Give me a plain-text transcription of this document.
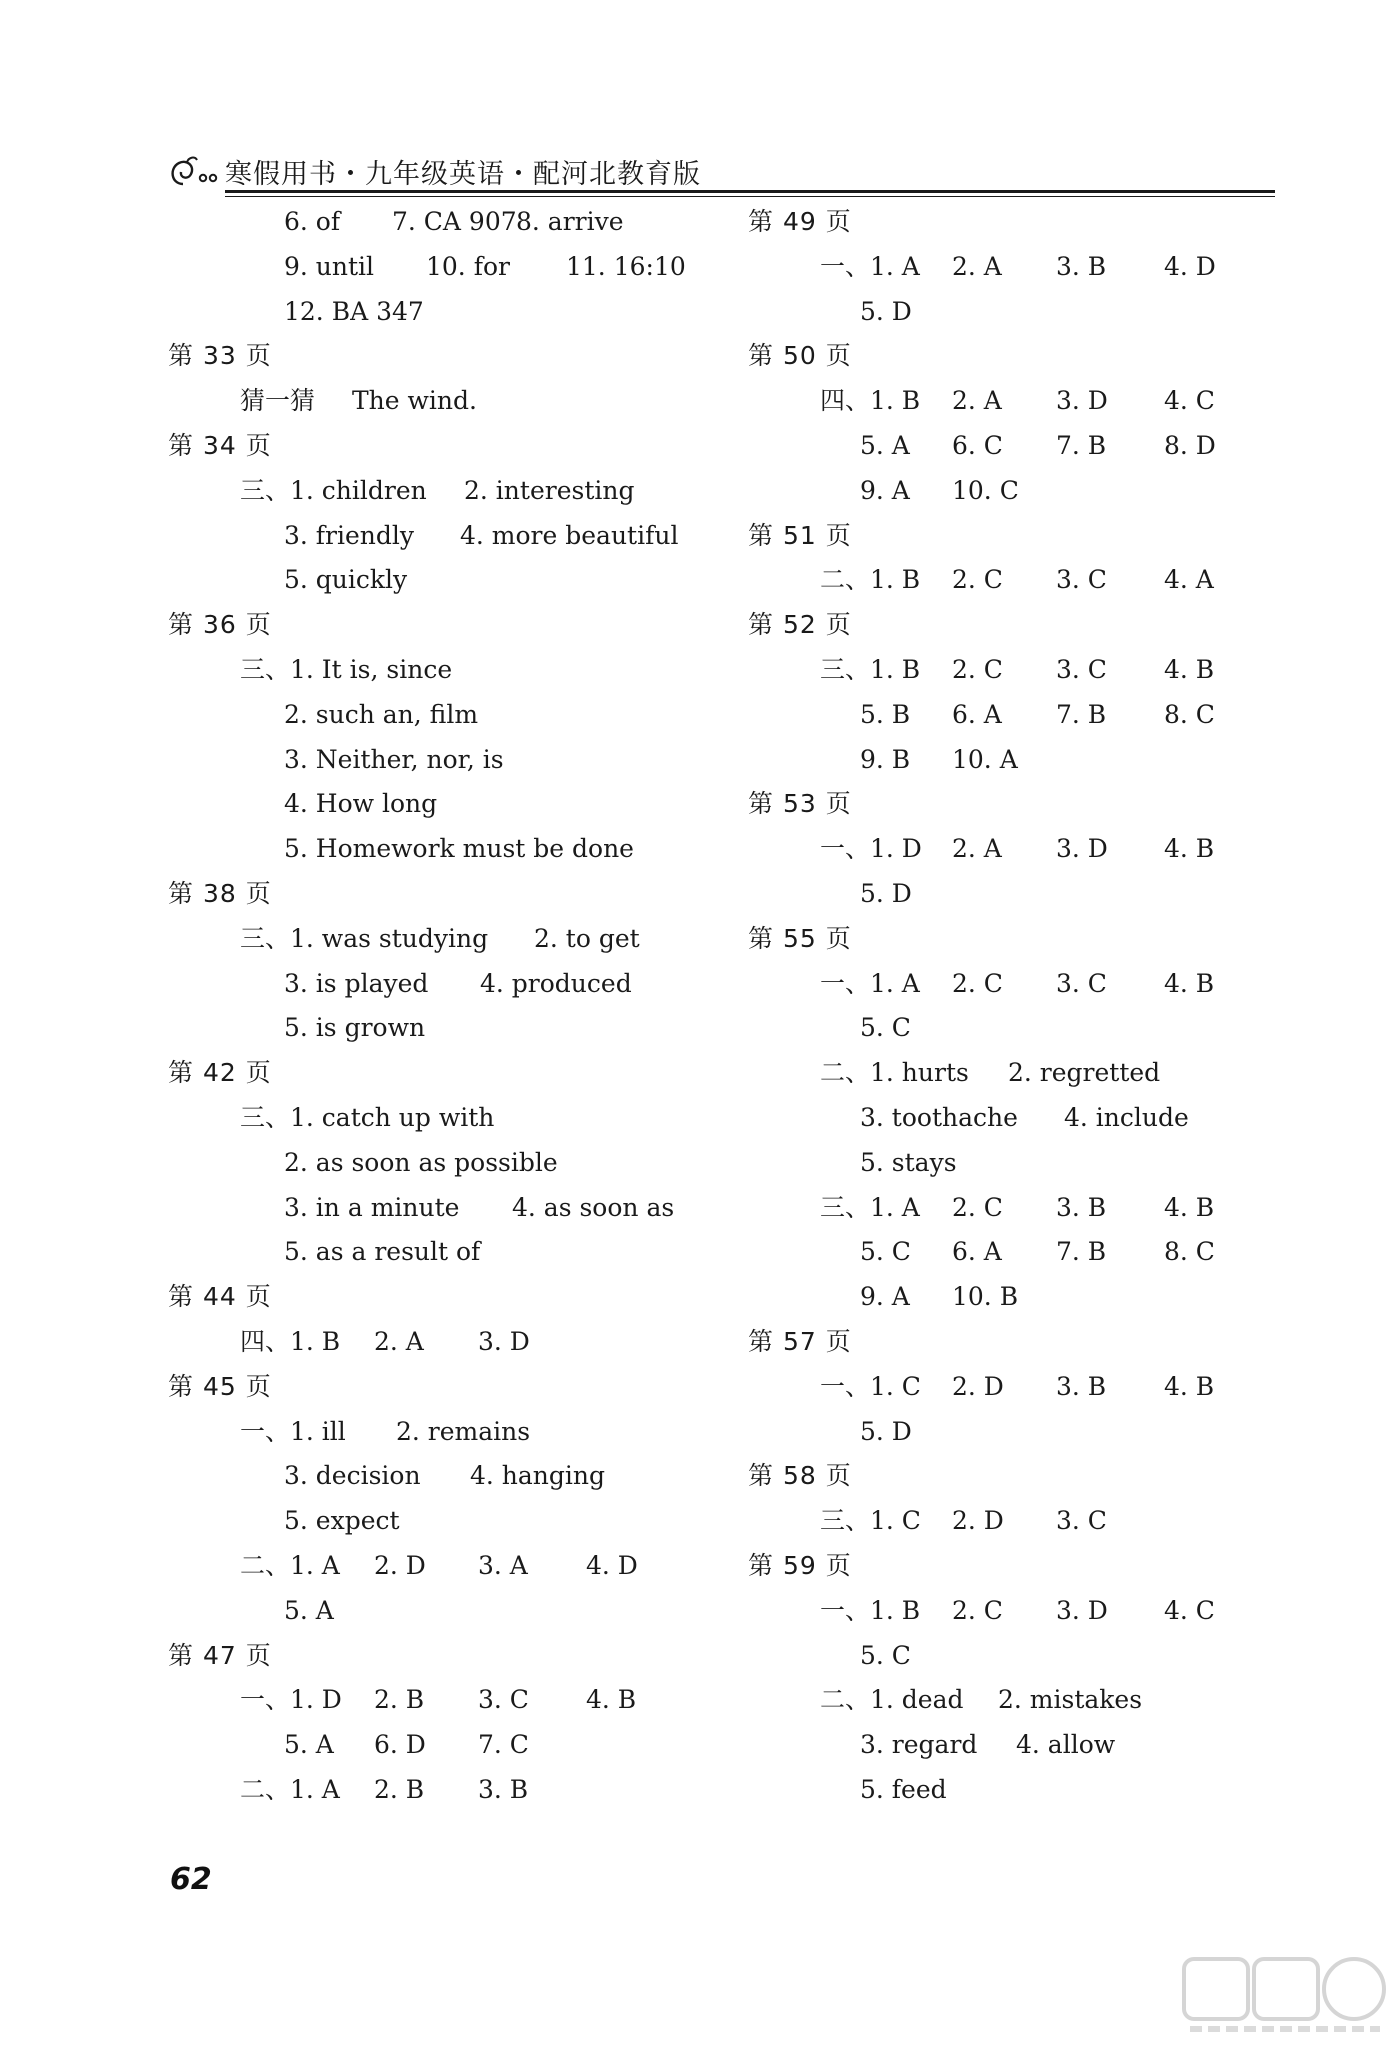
寒假用书・九年级英语・配河北教育版
6. of 7. CA 907 8. arrive
9. until 10. for 11. 16:10
12. BA 347
第 33 页
猜一猜 The wind.
第 34 页
三、1. children 2. interesting
3. friendly 4. more beautiful
5. quickly
第 36 页
三、1. It is, since
2. such an, film
3. Neither, nor, is
4. How long
5. Homework must be done
第 38 页
三、1. was studying 2. to get
3. is played 4. produced
5. is grown
第 42 页
三、1. catch up with
2. as soon as possible
3. in a minute 4. as soon as
5. as a result of
第 44 页
四、1. B 2. A 3. D
第 45 页
一、1. ill 2. remains
3. decision 4. hanging
5. expect
二、1. A 2. D 3. A 4. D
5. A
第 47 页
一、1. D 2. B 3. C 4. B
5. A 6. D 7. C
二、1. A 2. B 3. B
第 49 页
一、1. A 2. A 3. B 4. D
5. D
第 50 页
四、1. B 2. A 3. D 4. C
5. A 6. C 7. B 8. D
9. A 10. C
第 51 页
二、1. B 2. C 3. C 4. A
第 52 页
三、1. B 2. C 3. C 4. B
5. B 6. A 7. B 8. C
9. B 10. A
第 53 页
一、1. D 2. A 3. D 4. B
5. D
第 55 页
一、1. A 2. C 3. C 4. B
5. C
二、1. hurts 2. regretted
3. toothache 4. include
5. stays
三、1. A 2. C 3. B 4. B
5. C 6. A 7. B 8. C
9. A 10. B
第 57 页
一、1. C 2. D 3. B 4. B
5. D
第 58 页
三、1. C 2. D 3. C
第 59 页
一、1. B 2. C 3. D 4. C
5. C
二、1. dead 2. mistakes
3. regard 4. allow
5. feed
62
